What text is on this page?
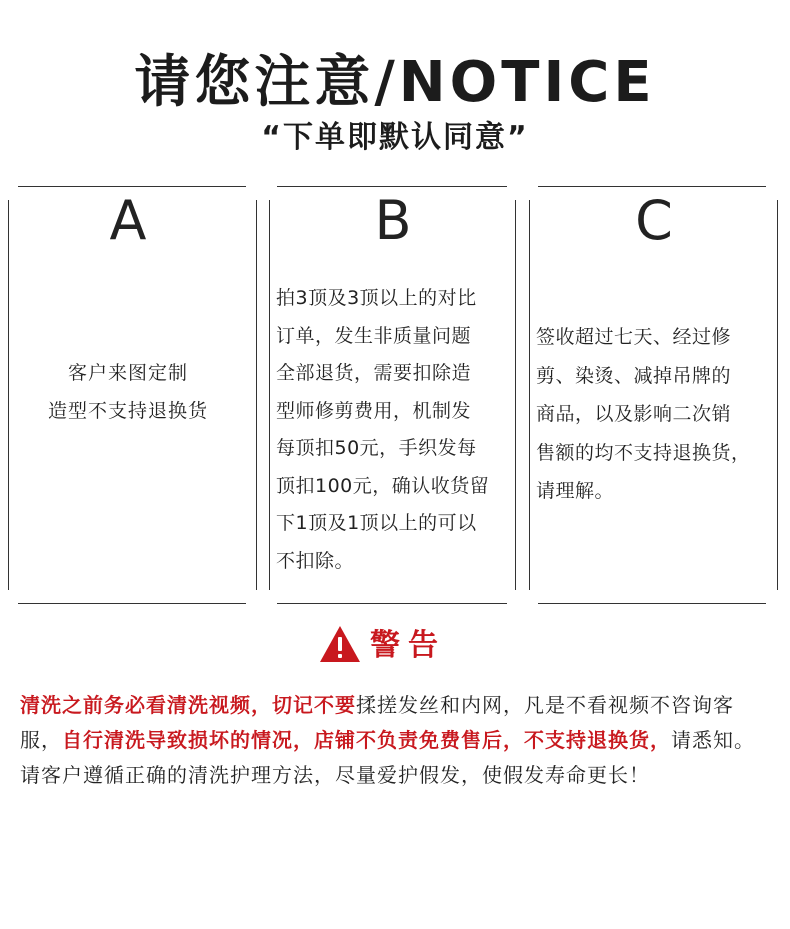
请您注意/NOTICE
“下单即默认同意”
A
客户来图定制
造型不支持退换货
B
拍3顶及3顶以上的对比
订单，发生非质量问题
全部退货，需要扣除造
型师修剪费用，机制发
每顶扣50元，手织发每
顶扣100元，确认收货留
下1顶及1顶以上的可以
不扣除。
C
签收超过七天、经过修
剪、染烫、减掉吊牌的
商品，以及影响二次销
售额的均不支持退换货，
请理解。
警告
清洗之前务必看清洗视频，切记不要揉搓发丝和内网，凡是不看视频不咨询客服，自行清洗导致损坏的情况，店铺不负责免费售后，不支持退换货，请悉知。请客户遵循正确的清洗护理方法，尽量爱护假发，使假发寿命更长！
